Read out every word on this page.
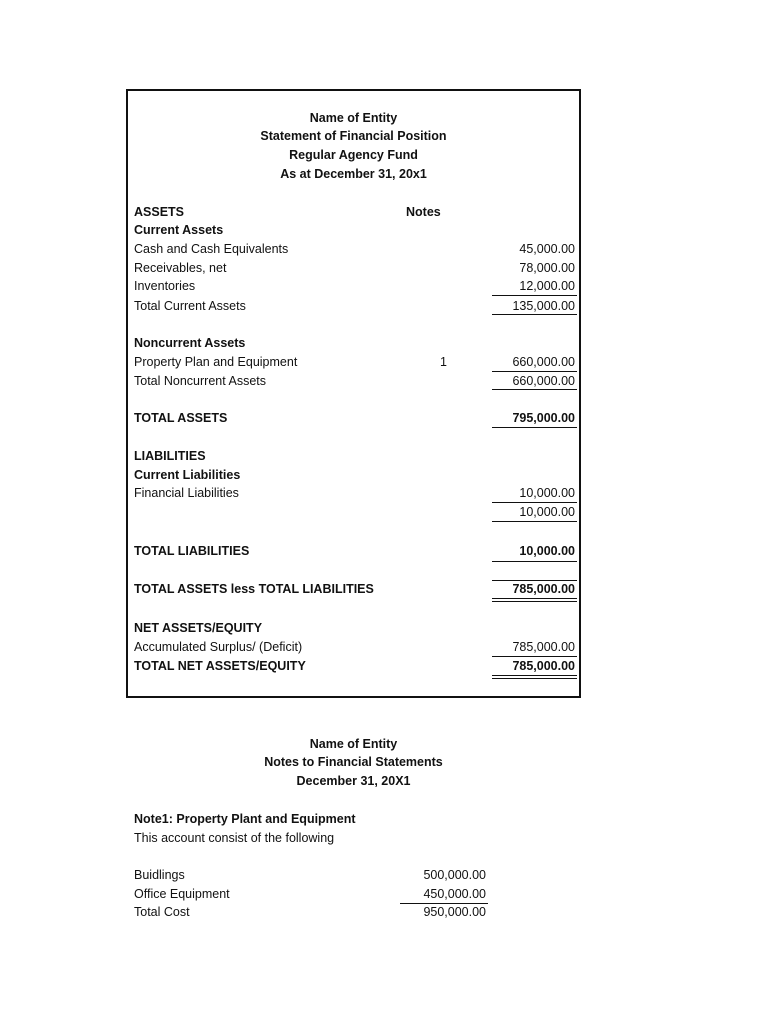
Name of Entity
Statement of Financial Position
Regular Agency Fund
As at December 31, 20x1
ASSETS	Notes
Current Assets
Cash and Cash Equivalents	45,000.00
Receivables, net	78,000.00
Inventories	12,000.00
Total Current Assets	135,000.00
Noncurrent Assets
Property Plan and Equipment	1	660,000.00
Total Noncurrent Assets	660,000.00
TOTAL ASSETS	795,000.00
LIABILITIES
Current Liabilities
Financial Liabilities	10,000.00
10,000.00
TOTAL LIABILITIES	10,000.00
TOTAL ASSETS less TOTAL LIABILITIES	785,000.00
NET ASSETS/EQUITY
Accumulated Surplus/ (Deficit)	785,000.00
TOTAL NET ASSETS/EQUITY	785,000.00
Name of Entity
Notes to Financial Statements
December 31, 20X1
Note1: Property Plant and Equipment
This account consist of the following
Buidlings	500,000.00
Office Equipment	450,000.00
Total Cost	950,000.00
